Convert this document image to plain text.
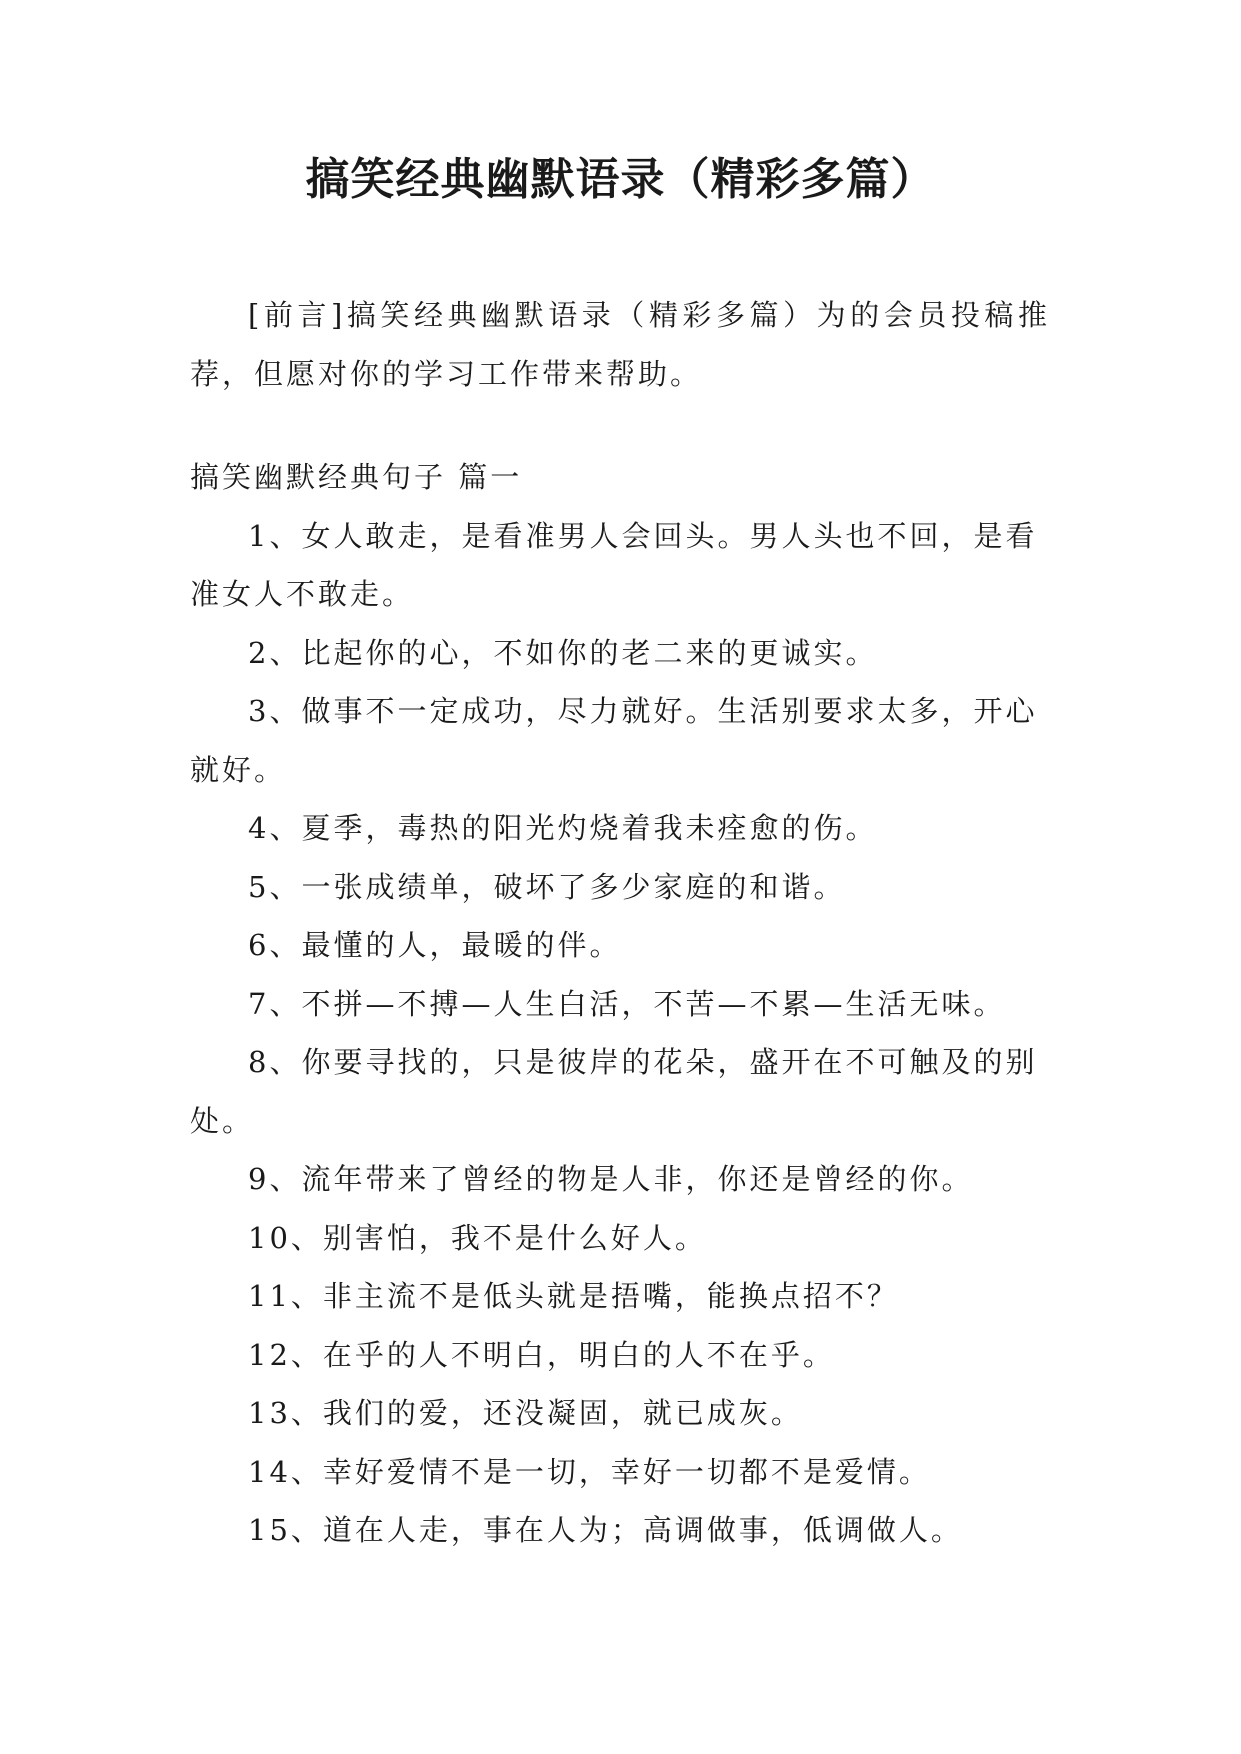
搞笑经典幽默语录（精彩多篇）

[前言]搞笑经典幽默语录（精彩多篇）为的会员投稿推荐，但愿对你的学习工作带来帮助。

搞笑幽默经典句子 篇一

1、女人敢走，是看准男人会回头。男人头也不回，是看准女人不敢走。

2、比起你的心，不如你的老二来的更诚实。

3、做事不一定成功，尽力就好。生活别要求太多，开心就好。

4、夏季，毒热的阳光灼烧着我未痊愈的伤。

5、一张成绩单，破坏了多少家庭的和谐。

6、最懂的人，最暖的伴。

7、不拼—不搏—人生白活，不苦—不累—生活无味。

8、你要寻找的，只是彼岸的花朵，盛开在不可触及的别处。

9、流年带来了曾经的物是人非，你还是曾经的你。

10、别害怕，我不是什么好人。

11、非主流不是低头就是捂嘴，能换点招不？

12、在乎的人不明白，明白的人不在乎。

13、我们的爱，还没凝固，就已成灰。

14、幸好爱情不是一切，幸好一切都不是爱情。

15、道在人走，事在人为；高调做事，低调做人。
